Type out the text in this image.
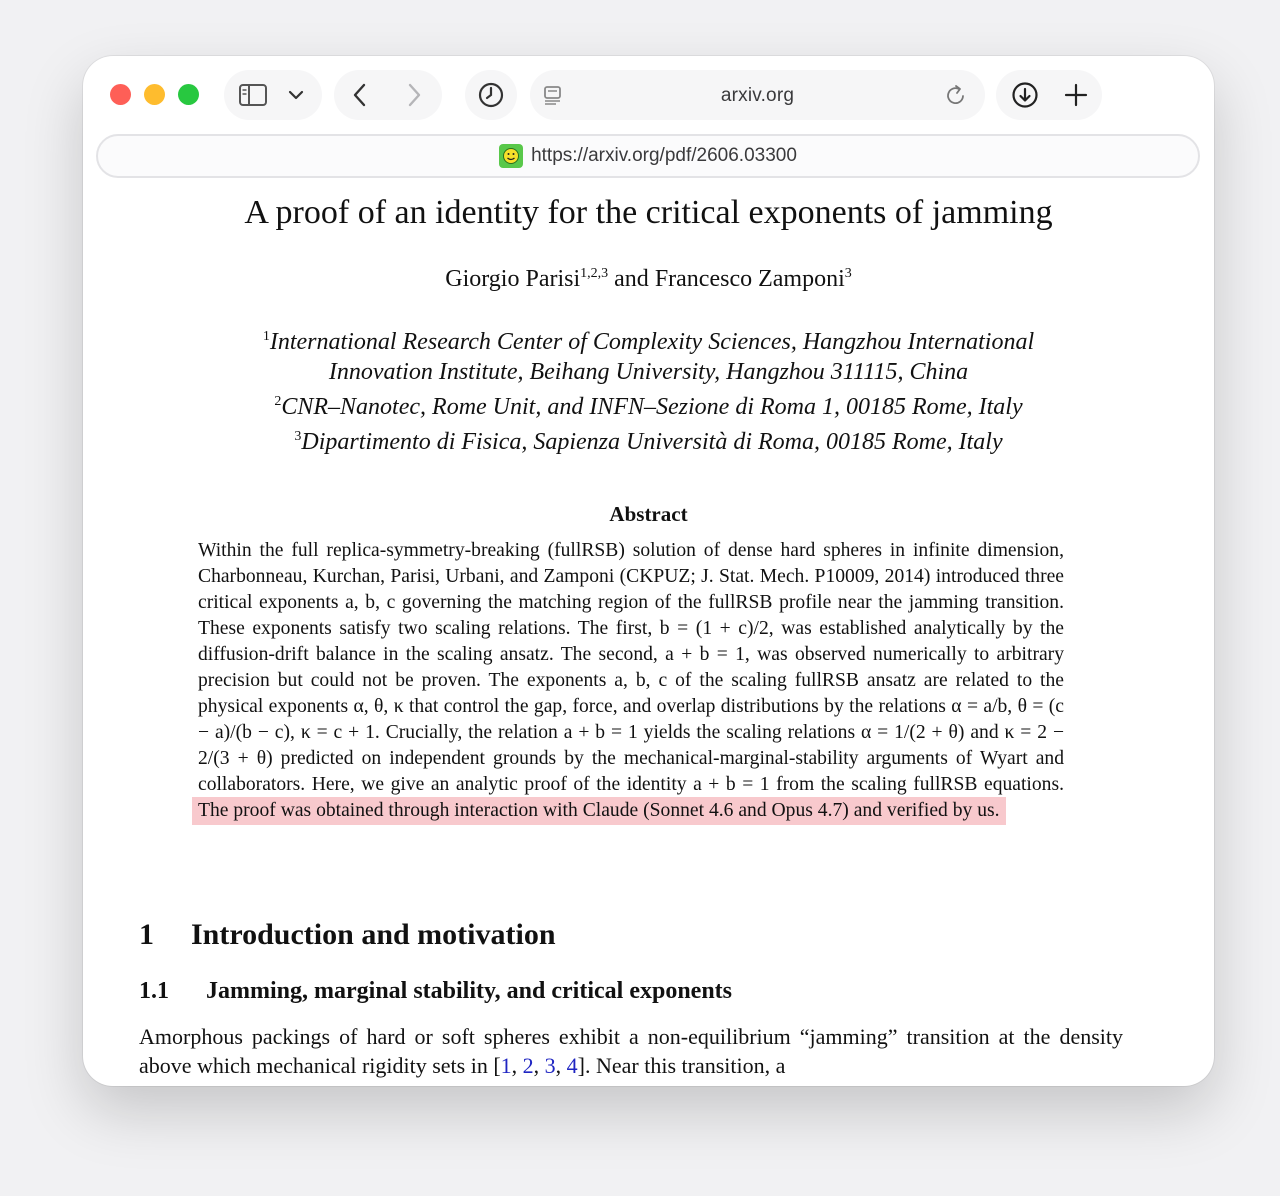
arxiv.org
https://arxiv.org/pdf/2606.03300
A proof of an identity for the critical exponents of jamming
Giorgio Parisi$^{1,2,3}$ and Francesco Zamponi$^3$
$^1$International Research Center of Complexity Sciences, Hangzhou International
Innovation Institute, Beihang University, Hangzhou 311115, China
$^2$CNR–Nanotec, Rome Unit, and INFN–Sezione di Roma 1, 00185 Rome, Italy
$^3$Dipartimento di Fisica, Sapienza Università di Roma, 00185 Rome, Italy
Abstract
Within the full replica-symmetry-breaking (fullRSB) solution of dense hard spheres in infinite dimension, Charbonneau, Kurchan, Parisi, Urbani, and Zamponi (CKPUZ; J. Stat. Mech. P10009, 2014) introduced three critical exponents a, b, c governing the matching region of the fullRSB profile near the jamming transition. These exponents satisfy two scaling relations. The first, b = (1 + c)/2, was established analytically by the diffusion-drift balance in the scaling ansatz. The second, a + b = 1, was observed numerically to arbitrary precision but could not be proven. The exponents a, b, c of the scaling fullRSB ansatz are related to the physical exponents α, θ, κ that control the gap, force, and overlap distributions by the relations α = a/b, θ = (c − a)/(b − c), κ = c + 1. Crucially, the relation a + b = 1 yields the scaling relations α = 1/(2 + θ) and κ = 2 − 2/(3 + θ) predicted on independent grounds by the mechanical-marginal-stability arguments of Wyart and collaborators. Here, we give an analytic proof of the identity a + b = 1 from the scaling fullRSB equations. The proof was obtained through interaction with Claude (Sonnet 4.6 and Opus 4.7) and verified by us.
1 Introduction and motivation
1.1 Jamming, marginal stability, and critical exponents
Amorphous packings of hard or soft spheres exhibit a non-equilibrium “jamming” transition at the density above which mechanical rigidity sets in [1, 2, 3, 4]. Near this transition, a
